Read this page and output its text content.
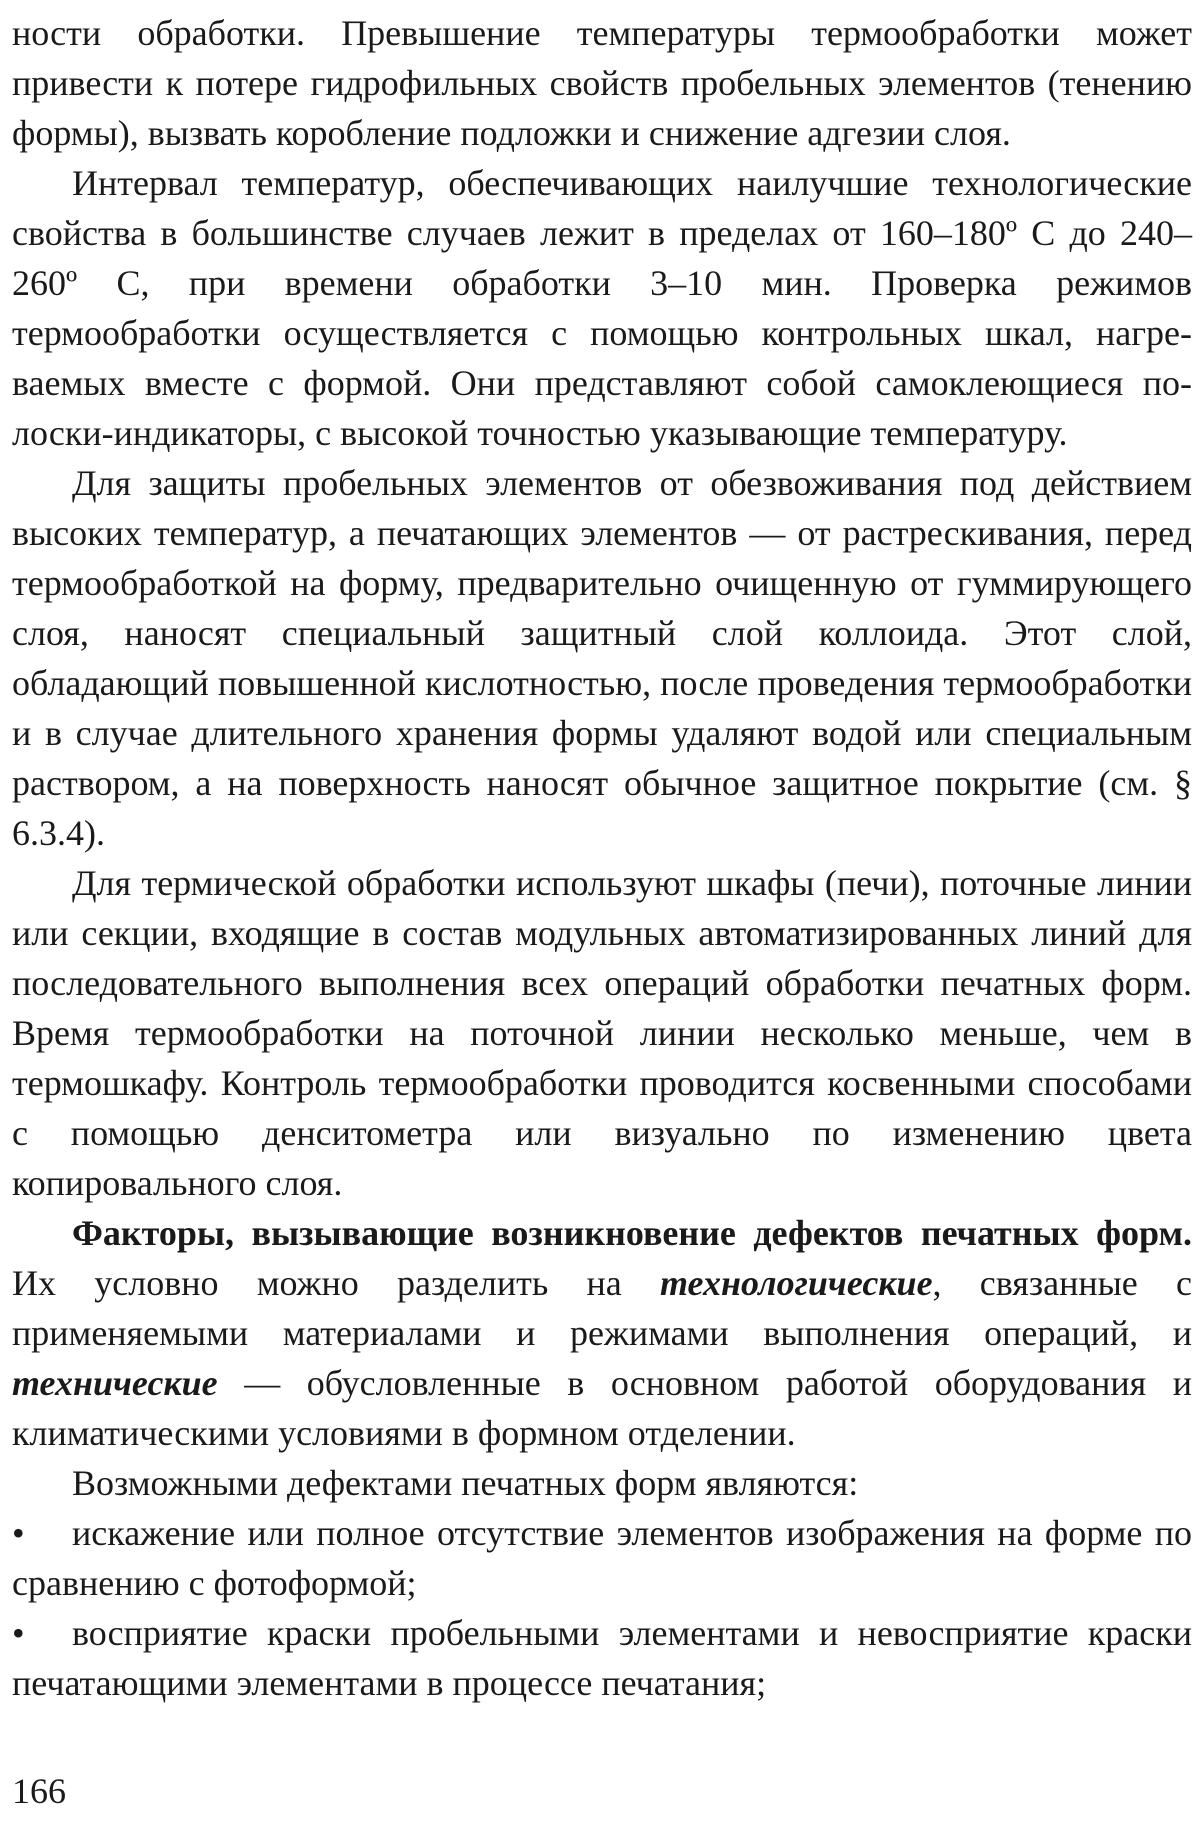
ности обработки. Превышение температуры термообработки может привести к потере гидрофильных свойств пробельных элементов (тенению формы), вызвать коробление подложки и снижение адгезии слоя.

Интервал температур, обеспечивающих наилучшие технологические свойства в большинстве случаев лежит в пределах от 160–180º С до 240–260º С, при времени обработки 3–10 мин. Проверка режимов термообработки осуществляется с помощью контрольных шкал, нагреваемых вместе с формой. Они представляют собой самоклеющиеся полоски-индикаторы, с высокой точностью указывающие температуру.

Для защиты пробельных элементов от обезвоживания под действием высоких температур, а печатающих элементов — от растрескивания, перед термообработкой на форму, предварительно очищенную от гуммирующего слоя, наносят специальный защитный слой коллоида. Этот слой, обладающий повышенной кислотностью, после проведения термообработки и в случае длительного хранения формы удаляют водой или специальным раствором, а на поверхность наносят обычное защитное покрытие (см. § 6.3.4).

Для термической обработки используют шкафы (печи), поточные линии или секции, входящие в состав модульных автоматизированных линий для последовательного выполнения всех операций обработки печатных форм. Время термообработки на поточной линии несколько меньше, чем в термошкафу. Контроль термообработки проводится косвенными способами с помощью денситометра или визуально по изменению цвета копировального слоя.

Факторы, вызывающие возникновение дефектов печатных форм. Их условно можно разделить на технологические, связанные с применяемыми материалами и режимами выполнения операций, и технические — обусловленные в основном работой оборудования и климатическими условиями в формном отделении.

Возможными дефектами печатных форм являются:

• искажение или полное отсутствие элементов изображения на форме по сравнению с фотоформой;

• восприятие краски пробельными элементами и невосприятие краски печатающими элементами в процессе печатания;

166
